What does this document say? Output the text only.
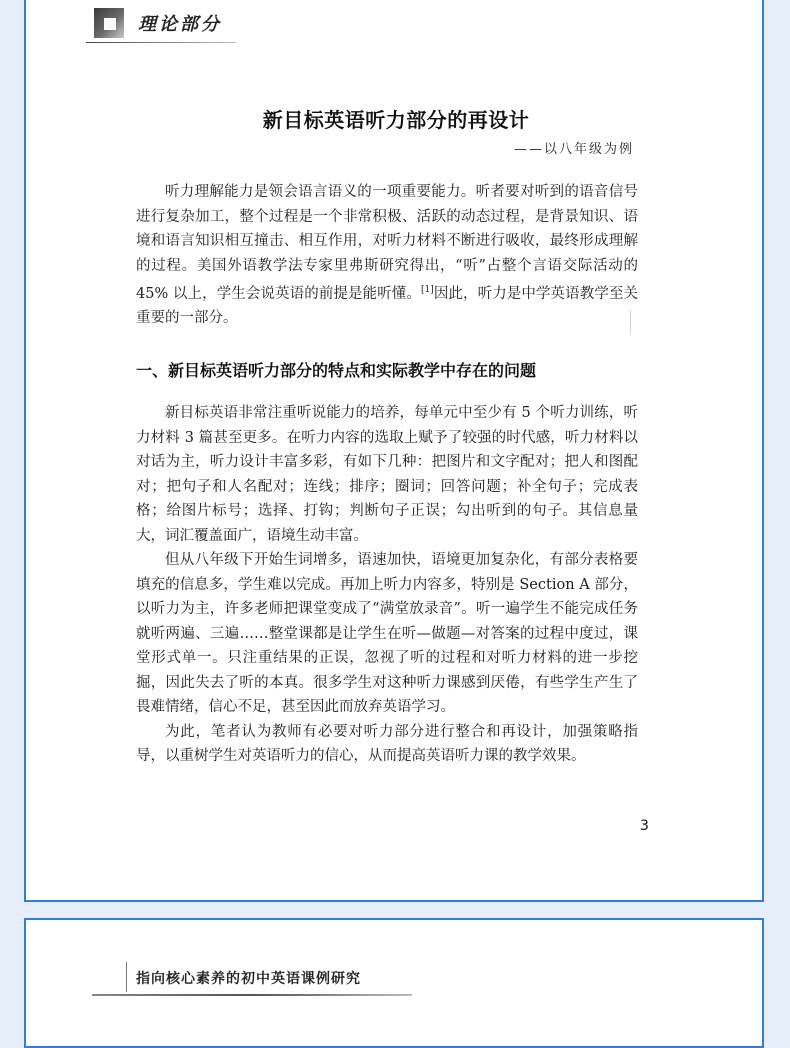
理论部分
新目标英语听力部分的再设计
——以八年级为例

听力理解能力是领会语言语义的一项重要能力。听者要对听到的语音信号进行复杂加工，整个过程是一个非常积极、活跃的动态过程，是背景知识、语境和语言知识相互撞击、相互作用，对听力材料不断进行吸收，最终形成理解的过程。美国外语教学法专家里弗斯研究得出，“听”占整个言语交际活动的 45% 以上，学生会说英语的前提是能听懂。[1]因此，听力是中学英语教学至关重要的一部分。

一、新目标英语听力部分的特点和实际教学中存在的问题

新目标英语非常注重听说能力的培养，每单元中至少有 5 个听力训练，听力材料 3 篇甚至更多。在听力内容的选取上赋予了较强的时代感，听力材料以对话为主，听力设计丰富多彩，有如下几种：把图片和文字配对；把人和图配对；把句子和人名配对；连线；排序；圈词；回答问题；补全句子；完成表格；给图片标号；选择、打钩；判断句子正误；勾出听到的句子。其信息量大，词汇覆盖面广，语境生动丰富。

但从八年级下开始生词增多，语速加快，语境更加复杂化，有部分表格要填充的信息多，学生难以完成。再加上听力内容多，特别是 Section A 部分，以听力为主，许多老师把课堂变成了“满堂放录音”。听一遍学生不能完成任务就听两遍、三遍……整堂课都是让学生在听—做题—对答案的过程中度过，课堂形式单一。只注重结果的正误，忽视了听的过程和对听力材料的进一步挖掘，因此失去了听的本真。很多学生对这种听力课感到厌倦，有些学生产生了畏难情绪，信心不足，甚至因此而放弃英语学习。

为此，笔者认为教师有必要对听力部分进行整合和再设计，加强策略指导，以重树学生对英语听力的信心，从而提高英语听力课的教学效果。

3
指向核心素养的初中英语课例研究
